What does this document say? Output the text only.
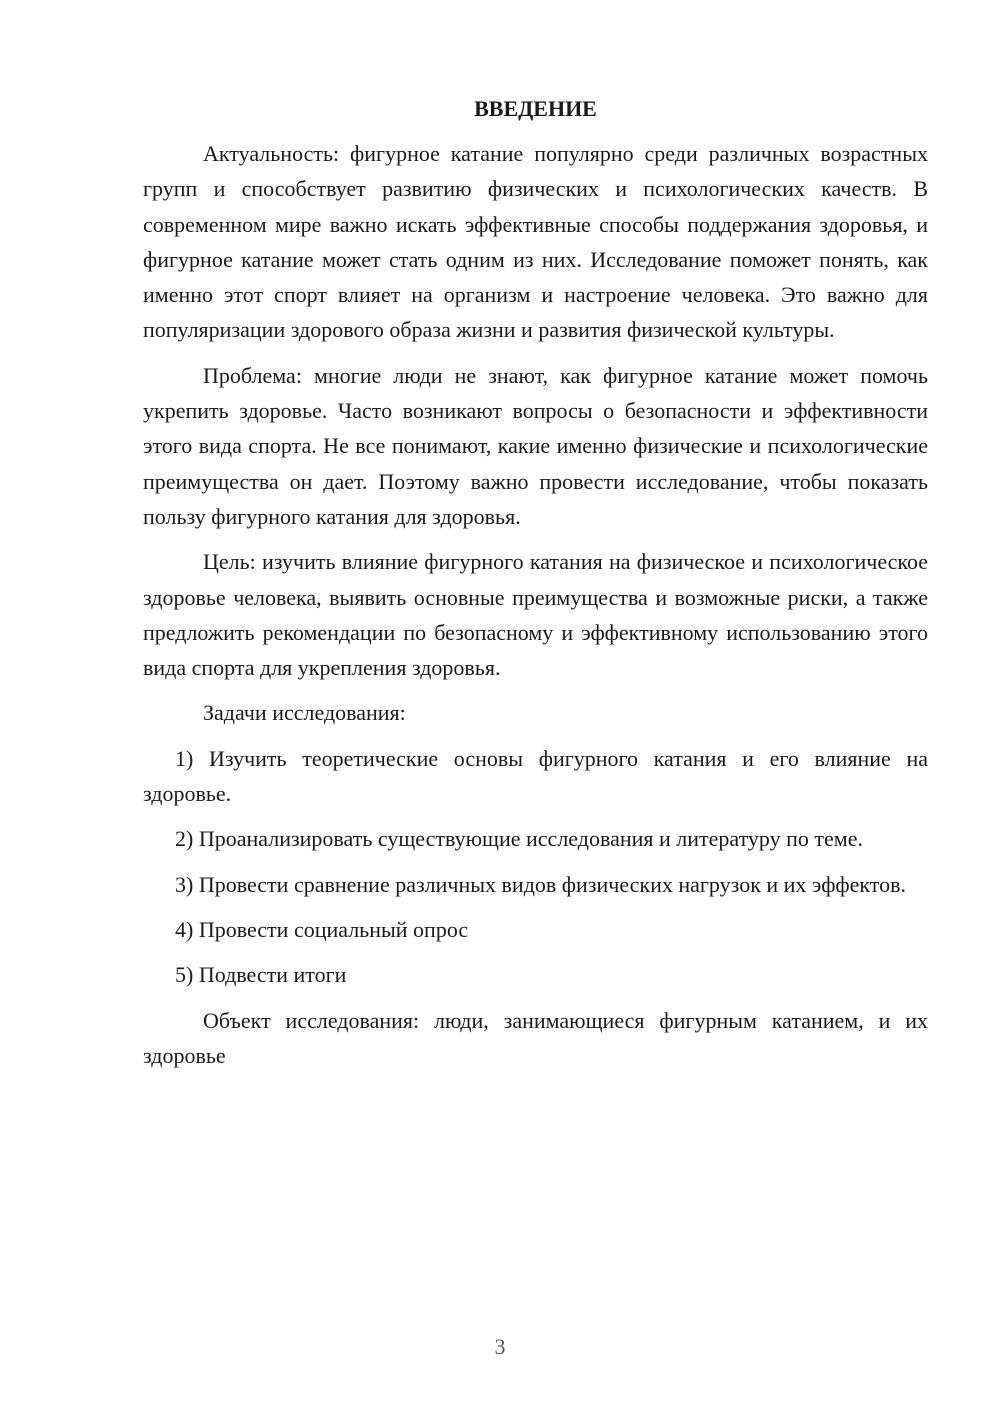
ВВЕДЕНИЕ

Актуальность: фигурное катание популярно среди различных возрастных групп и способствует развитию физических и психологических качеств. В современном мире важно искать эффективные способы поддержания здоровья, и фигурное катание может стать одним из них. Исследование поможет понять, как именно этот спорт влияет на организм и настроение человека. Это важно для популяризации здорового образа жизни и развития физической культуры.

Проблема: многие люди не знают, как фигурное катание может помочь укрепить здоровье. Часто возникают вопросы о безопасности и эффективности этого вида спорта. Не все понимают, какие именно физические и психологические преимущества он дает. Поэтому важно провести исследование, чтобы показать пользу фигурного катания для здоровья.

Цель: изучить влияние фигурного катания на физическое и психологическое здоровье человека, выявить основные преимущества и возможные риски, а также предложить рекомендации по безопасному и эффективному использованию этого вида спорта для укрепления здоровья.

Задачи исследования:

1) Изучить теоретические основы фигурного катания и его влияние на здоровье.

2) Проанализировать существующие исследования и литературу по теме.

3) Провести сравнение различных видов физических нагрузок и их эффектов.

4) Провести социальный опрос

5) Подвести итоги

Объект исследования: люди, занимающиеся фигурным катанием, и их здоровье

3
